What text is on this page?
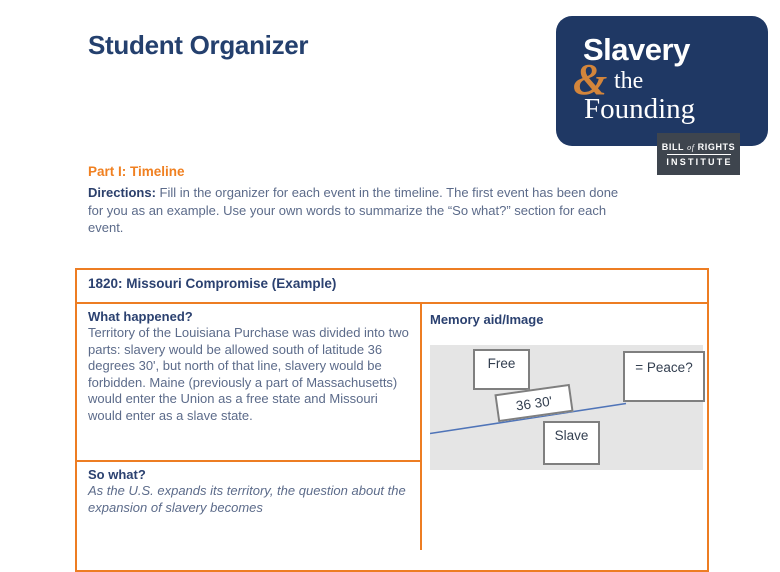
Student Organizer	Slavery
& the
Founding
BILL of RIGHTS
INSTITUTE
Part I: Timeline

Directions: Fill in the organizer for each event in the timeline. The first event has been done
for you as an example. Use your own words to summarize the “So what?” section for each
event.

1820: Missouri Compromise (Example)
What happened?
Territory of the Louisiana Purchase was divided into two parts: slavery would be allowed south of latitude 36 degrees 30', but north of that line, slavery would be forbidden. Maine (previously a part of Massachusetts) would enter the Union as a free state and Missouri would enter as a slave state.
So what?
As the U.S. expands its territory, the question about the expansion of slavery becomes
Memory aid/Image
Free	= Peace?
36 30'
Slave
